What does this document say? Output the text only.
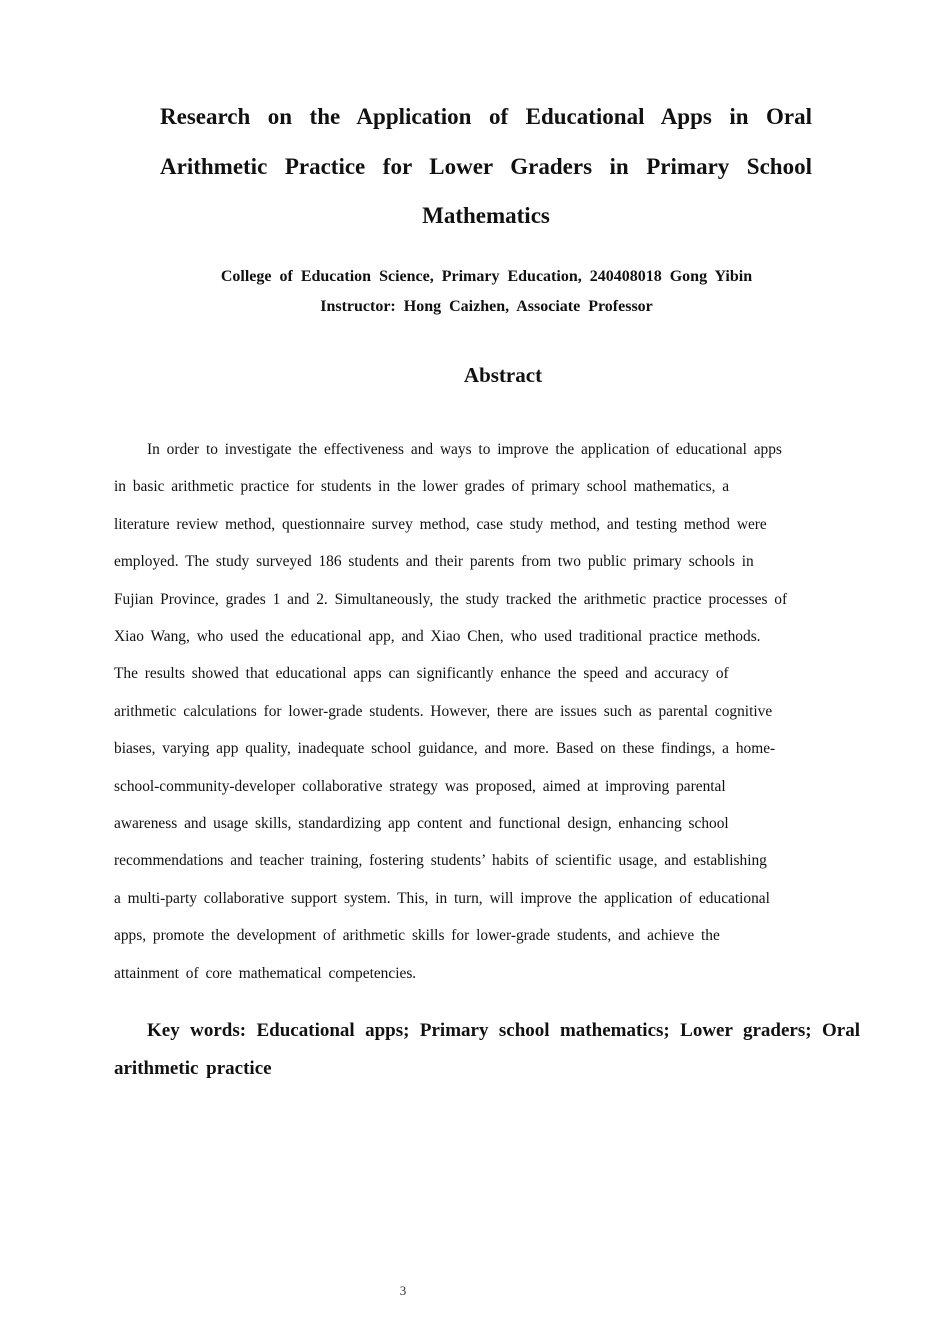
Research on the Application of Educational Apps in Oral
Arithmetic Practice for Lower Graders in Primary School
Mathematics
College of Education Science, Primary Education, 240408018 Gong Yibin
Instructor: Hong Caizhen, Associate Professor
Abstract
In order to investigate the effectiveness and ways to improve the application of educational apps
in basic arithmetic practice for students in the lower grades of primary school mathematics, a
literature review method, questionnaire survey method, case study method, and testing method were
employed. The study surveyed 186 students and their parents from two public primary schools in
Fujian Province, grades 1 and 2. Simultaneously, the study tracked the arithmetic practice processes of
Xiao Wang, who used the educational app, and Xiao Chen, who used traditional practice methods.
The results showed that educational apps can significantly enhance the speed and accuracy of
arithmetic calculations for lower-grade students. However, there are issues such as parental cognitive
biases, varying app quality, inadequate school guidance, and more. Based on these findings, a home-
school-community-developer collaborative strategy was proposed, aimed at improving parental
awareness and usage skills, standardizing app content and functional design, enhancing school
recommendations and teacher training, fostering students’ habits of scientific usage, and establishing
a multi-party collaborative support system. This, in turn, will improve the application of educational
apps, promote the development of arithmetic skills for lower-grade students, and achieve the
attainment of core mathematical competencies.
Key words: Educational apps; Primary school mathematics; Lower graders; Oral
arithmetic practice
3
